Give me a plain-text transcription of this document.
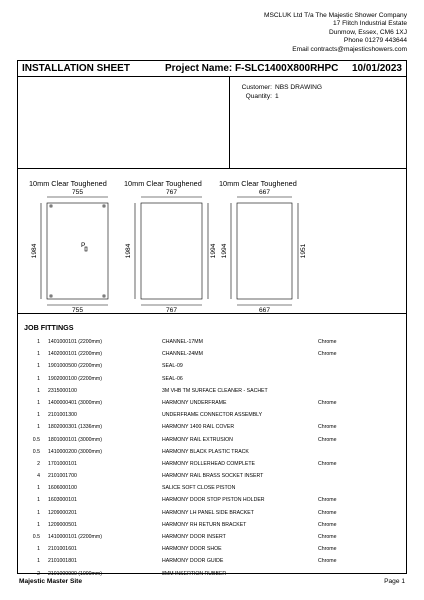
MSCLUK Ltd T/a The Majestic Shower Company
17 Flitch Industrial Estate
Dunmow, Essex, CM6 1XJ
Phone 01279 443644
Email contracts@majesticshowers.com
INSTALLATION SHEET	Project Name: F-SLC1400X800RHPC 10/01/2023
Customer: NBS DRAWING
Quantity: 1
10mm Clear Toughened 10mm Clear Toughened 10mm Clear Toughened
755	767	667
755	767	667
1984	1984	1994 1994	1951
P
JOB FITTINGS
1 1401000101 (2200mm)	CHANNEL-17MM	Chrome
1 1402000101 (2200mm)	CHANNEL-24MM	Chrome
1 1901000500 (2200mm)	SEAL-09
1 1902000100 (2200mm)	SEAL-06
1 2315000100	3M VHB TM SURFACE CLEANER - SACHET
1 1400000401 (3000mm)	HARMONY UNDERFRAME	Chrome
1 2101001300	UNDERFRAME CONNECTOR ASSEMBLY
1 1802000301 (1336mm)	HARMONY 1400 RAIL COVER	Chrome
0.5 1801000101 (3000mm)	HARMONY RAIL EXTRUSION	Chrome
0.5 1410000200 (3000mm)	HARMONY BLACK PLASTIC TRACK
2 1701000101	HARMONY ROLLERHEAD COMPLETE	Chrome
4 2101001700	HARMONY RAIL BRASS SOCKET INSERT
1 1606000100	SALICE SOFT CLOSE PISTON
1 1603000101	HARMONY DOOR STOP PISTON HOLDER	Chrome
1 1209000201	HARMONY LH PANEL SIDE BRACKET	Chrome
1 1209000501	HARMONY RH RETURN BRACKET	Chrome
0.5 1410000101 (2200mm)	HARMONY DOOR INSERT	Chrome
1 2101001601	HARMONY DOOR SHOE	Chrome
1 2101001801	HARMONY DOOR GUIDE	Chrome
2 2101000900 (1000mm)	8MM INSERTION RUBBER
Majestic Master Site	Page 1
